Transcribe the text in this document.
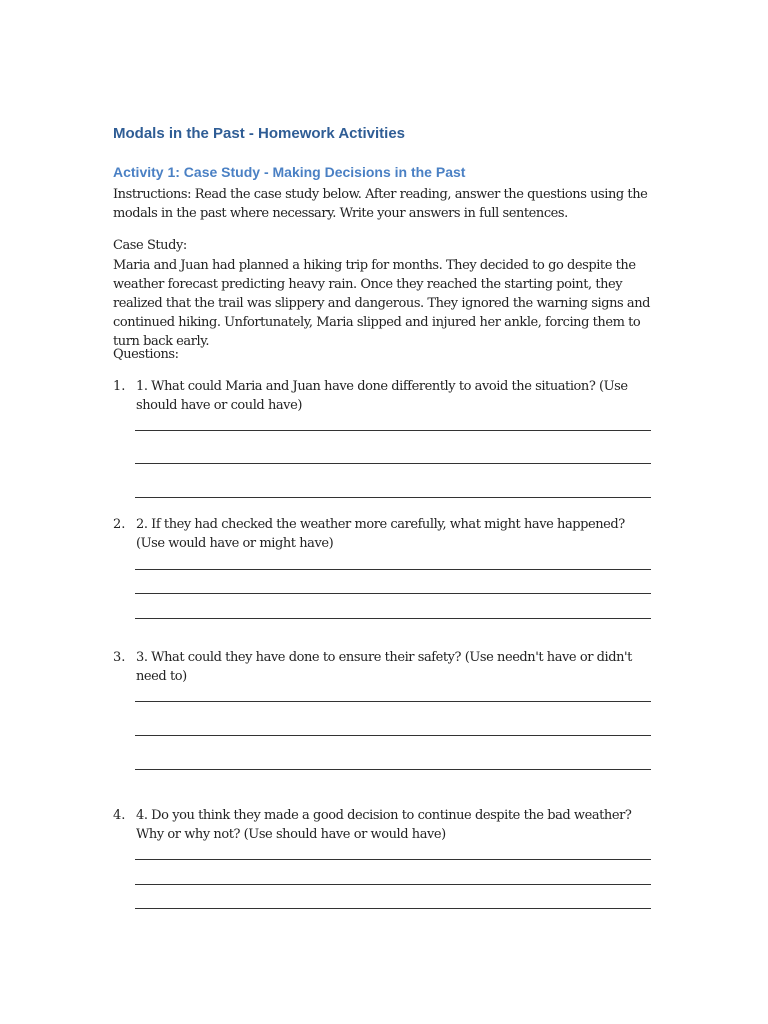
Modals in the Past - Homework Activities
Activity 1: Case Study - Making Decisions in the Past

Instructions: Read the case study below. After reading, answer the questions using the modals in the past where necessary. Write your answers in full sentences.

Case Study:

Maria and Juan had planned a hiking trip for months. They decided to go despite the weather forecast predicting heavy rain. Once they reached the starting point, they realized that the trail was slippery and dangerous. They ignored the warning signs and continued hiking. Unfortunately, Maria slipped and injured her ankle, forcing them to turn back early.

Questions:

1. 1. What could Maria and Juan have done differently to avoid the situation? (Use should have or could have)

2. 2. If they had checked the weather more carefully, what might have happened? (Use would have or might have)

3. 3. What could they have done to ensure their safety? (Use needn't have or didn't need to)

4. 4. Do you think they made a good decision to continue despite the bad weather? Why or why not? (Use should have or would have)
